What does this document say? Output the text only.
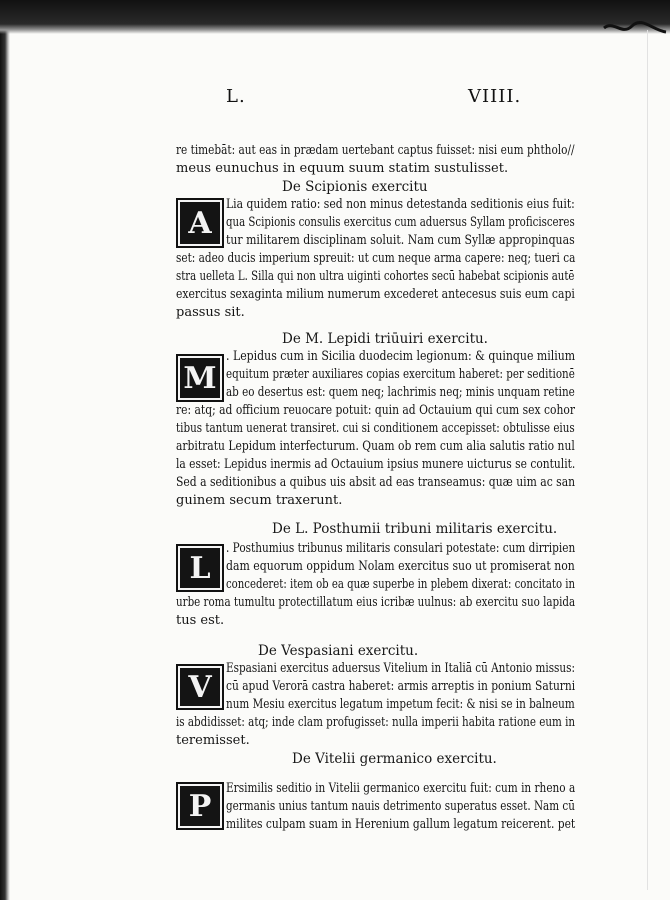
L.	VIIII.
re timebāt: aut eas in prædam uertebant captus fuisset: nisi eum phtholo//
meus eunuchus in equum suum statim sustulisset.
De Scipionis exercitu
A
Lia quidem ratio: sed non minus detestanda seditionis eius fuit:
qua Scipionis consulis exercitus cum aduersus Syllam proficisceres
tur militarem disciplinam soluit. Nam cum Syllæ appropinquas
set: adeo ducis imperium spreuit: ut cum neque arma capere: neq; tueri ca
stra uelleta L. Silla qui non ultra uiginti cohortes secū habebat scipionis autē
exercitus sexaginta milium numerum excederet antecesus suis eum capi
passus sit.
De M. Lepidi triūuiri exercitu.
M
. Lepidus cum in Sicilia duodecim legionum: & quinque milium
equitum præter auxiliares copias exercitum haberet: per seditionē
ab eo desertus est: quem neq; lachrimis neq; minis unquam retine
re: atq; ad officium reuocare potuit: quin ad Octauium qui cum sex cohor
tibus tantum uenerat transiret. cui si conditionem accepisset: obtulisse eius
arbitratu Lepidum interfecturum. Quam ob rem cum alia salutis ratio nul
la esset: Lepidus inermis ad Octauium ipsius munere uicturus se contulit.
Sed a seditionibus a quibus uis absit ad eas transeamus: quæ uim ac san
guinem secum traxerunt.
De L. Posthumii tribuni militaris exercitu.
L
. Posthumius tribunus militaris consulari potestate: cum dirripien
dam equorum oppidum Nolam exercitus suo ut promiserat non
concederet: item ob ea quæ superbe in plebem dixerat: concitato in
urbe roma tumultu protectillatum eius icribæ uulnus: ab exercitu suo lapida
tus est.
De Vespasiani exercitu.
V
Espasiani exercitus aduersus Vitelium in Italiā cū Antonio missus:
cū apud Verorā castra haberet: armis arreptis in ponium Saturni
num Mesiu exercitus legatum impetum fecit: & nisi se in balneum
is abdidisset: atq; inde clam profugisset: nulla imperii habita ratione eum in
teremisset.
De Vitelii germanico exercitu.
P Ersimilis seditio in Vitelii germanico exercitu fuit: cum in rheno a
germanis unius tantum nauis detrimento superatus esset. Nam cū
milites culpam suam in Herenium gallum legatum reicerent. pet
